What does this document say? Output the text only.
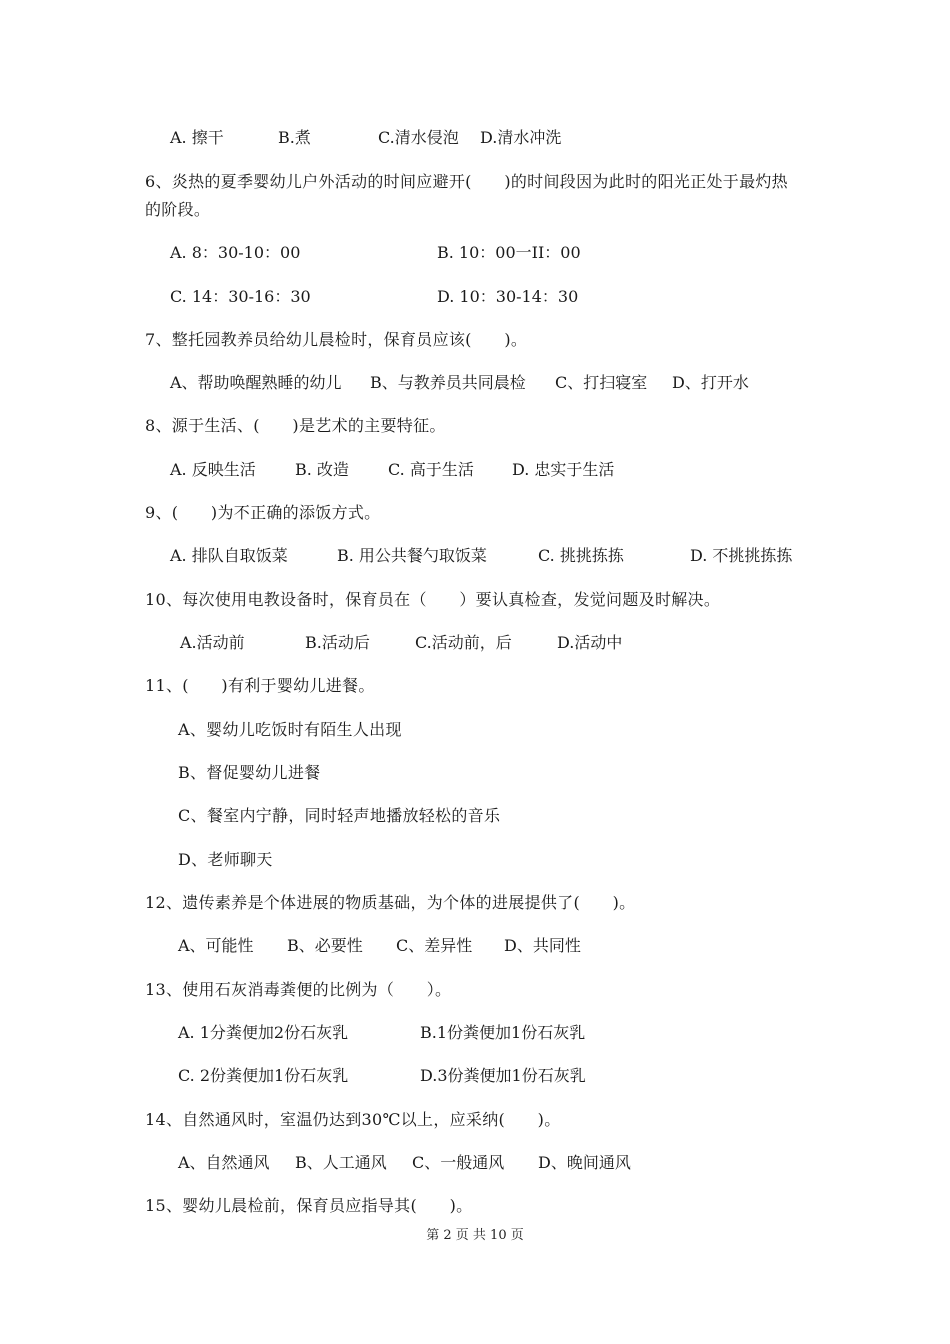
A. 擦干	B.煮	C.清水侵泡 D.清水冲洗
6、炎热的夏季婴幼儿户外活动的时间应避开(　　)的时间段因为此时的阳光正处于最灼热
的阶段。
A. 8：30-10：00	B. 10：00一II：00
C. 14：30-16：30	D. 10：30-14：30
7、整托园教养员给幼儿晨检时，保育员应该(　　)。
A、帮助唤醒熟睡的幼儿 B、与教养员共同晨检 C、打扫寝室 D、打开水
8、源于生活、(　　)是艺术的主要特征。
A. 反映生活 B. 改造 C. 高于生活 D. 忠实于生活
9、(　　)为不正确的添饭方式。
A. 排队自取饭菜	B. 用公共餐勺取饭菜	C. 挑挑拣拣	D. 不挑挑拣拣
10、每次使用电教设备时，保育员在（　　）要认真检查，发觉问题及时解决。
A.活动前	B.活动后	C.活动前，后	D.活动中
11、(　　)有利于婴幼儿进餐。
A、婴幼儿吃饭时有陌生人出现
B、督促婴幼儿进餐
C、餐室内宁静，同时轻声地播放轻松的音乐
D、老师聊天
12、遗传素养是个体进展的物质基础，为个体的进展提供了(　　)。
A、可能性 B、必要性 C、差异性 D、共同性
13、使用石灰消毒粪便的比例为（　　）。
A. 1分粪便加2份石灰乳	B.1份粪便加1份石灰乳
C. 2份粪便加1份石灰乳	D.3份粪便加1份石灰乳
14、自然通风时，室温仍达到30℃以上，应采纳(　　)。
A、自然通风 B、人工通风 C、一般通风 D、晚间通风
15、婴幼儿晨检前，保育员应指导其(　　)。
第 2 页 共 10 页
